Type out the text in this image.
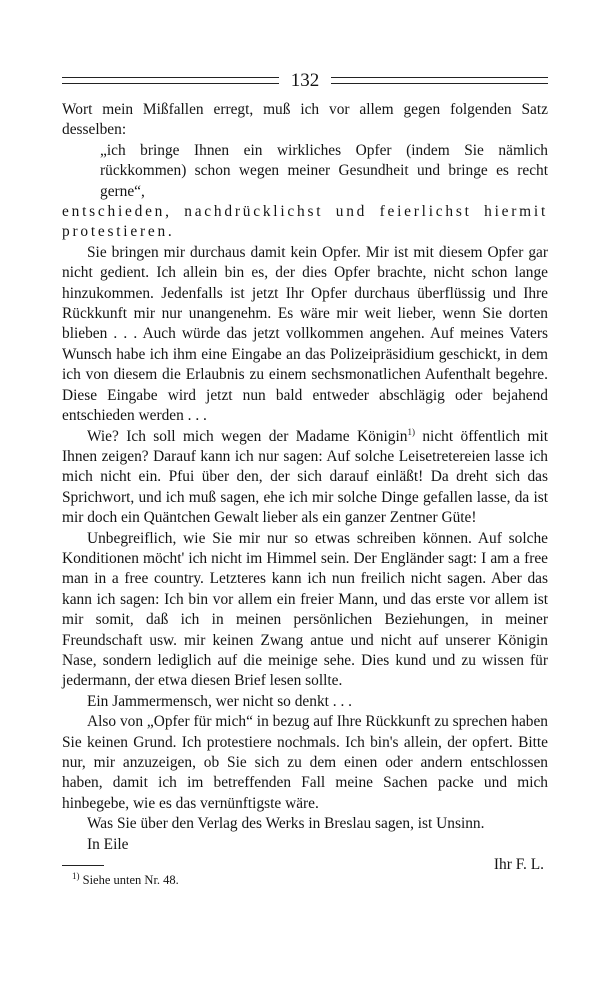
132

Wort mein Mißfallen erregt, muß ich vor allem gegen folgenden Satz desselben:

„ich bringe Ihnen ein wirkliches Opfer (indem Sie nämlich rückkommen) schon wegen meiner Gesundheit und bringe es recht gerne“,

entschieden, nachdrücklichst und feierlichst hiermit protestieren.

Sie bringen mir durchaus damit kein Opfer. Mir ist mit diesem Opfer gar nicht gedient. Ich allein bin es, der dies Opfer brachte, nicht schon lange hinzukommen. Jedenfalls ist jetzt Ihr Opfer durchaus überflüssig und Ihre Rückkunft mir nur unangenehm. Es wäre mir weit lieber, wenn Sie dorten blieben . . . Auch würde das jetzt vollkommen angehen. Auf meines Vaters Wunsch habe ich ihm eine Eingabe an das Polizeipräsidium geschickt, in dem ich von diesem die Erlaubnis zu einem sechsmonatlichen Aufenthalt begehre. Diese Eingabe wird jetzt nun bald entweder abschlägig oder bejahend entschieden werden . . .

Wie? Ich soll mich wegen der Madame Königin$^{1)}$ nicht öffentlich mit Ihnen zeigen? Darauf kann ich nur sagen: Auf solche Leisetretereien lasse ich mich nicht ein. Pfui über den, der sich darauf einläßt! Da dreht sich das Sprichwort, und ich muß sagen, ehe ich mir solche Dinge gefallen lasse, da ist mir doch ein Quäntchen Gewalt lieber als ein ganzer Zentner Güte!

Unbegreiflich, wie Sie mir nur so etwas schreiben können. Auf solche Konditionen möcht' ich nicht im Himmel sein. Der Engländer sagt: I am a free man in a free country. Letzteres kann ich nun freilich nicht sagen. Aber das kann ich sagen: Ich bin vor allem ein freier Mann, und das erste vor allem ist mir somit, daß ich in meinen persönlichen Beziehungen, in meiner Freundschaft usw. mir keinen Zwang antue und nicht auf unserer Königin Nase, sondern lediglich auf die meinige sehe. Dies kund und zu wissen für jedermann, der etwa diesen Brief lesen sollte.

Ein Jammermensch, wer nicht so denkt . . .

Also von „Opfer für mich“ in bezug auf Ihre Rückkunft zu sprechen haben Sie keinen Grund. Ich protestiere nochmals. Ich bin's allein, der opfert. Bitte nur, mir anzuzeigen, ob Sie sich zu dem einen oder andern entschlossen haben, damit ich im betreffenden Fall meine Sachen packe und mich hinbegebe, wie es das vernünftigste wäre.

Was Sie über den Verlag des Werks in Breslau sagen, ist Unsinn.

In Eile

Ihr F. L.

$^{1)}$ Siehe unten Nr. 48.
